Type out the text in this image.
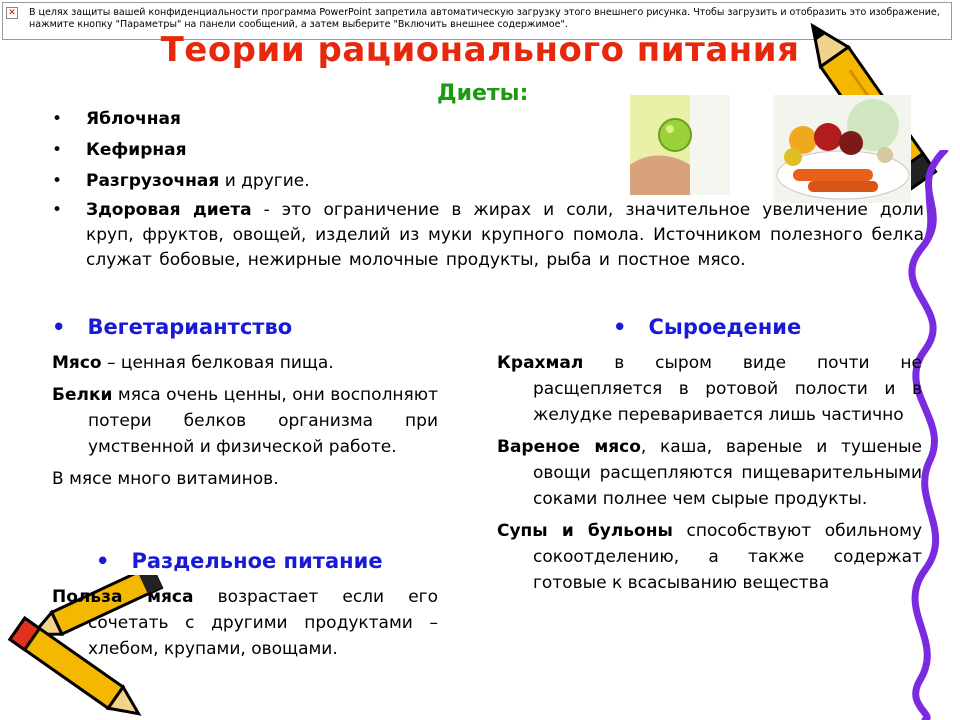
✕ В целях защиты вашей конфиденциальности программа PowerPoint запретила автоматическую загрузку этого внешнего рисунка. Чтобы загрузить и отобразить это изображение, нажмите кнопку "Параметры" на панели сообщений, а затем выберите "Включить внешнее содержимое".
Теории рационального питания
Диеты:
• Яблочная
• Кефирная
• Разгрузочная и другие.
• Здоровая диета - это ограничение в жирах и соли, значительное увеличение доли круп, фруктов, овощей, изделий из муки крупного помола. Источником полезного белка служат бобовые, нежирные молочные продукты, рыба и постное мясо.
• Вегетариантство
Мясо – ценная белковая пища.
Белки мяса очень ценны, они восполняют потери белков организма при умственной и физической работе.
В мясе много витаминов.
• Раздельное питание
Польза мяса возрастает если его сочетать с другими продуктами – хлебом, крупами, овощами.
• Сыроедение
Крахмал в сыром виде почти не расщепляется в ротовой полости и в желудке переваривается лишь частично
Вареное мясо, каша, вареные и тушеные овощи расщепляются пищеварительными соками полнее чем сырые продукты.
Супы и бульоны способствуют обильному сокоотделению, а также содержат готовые к всасыванию вещества
